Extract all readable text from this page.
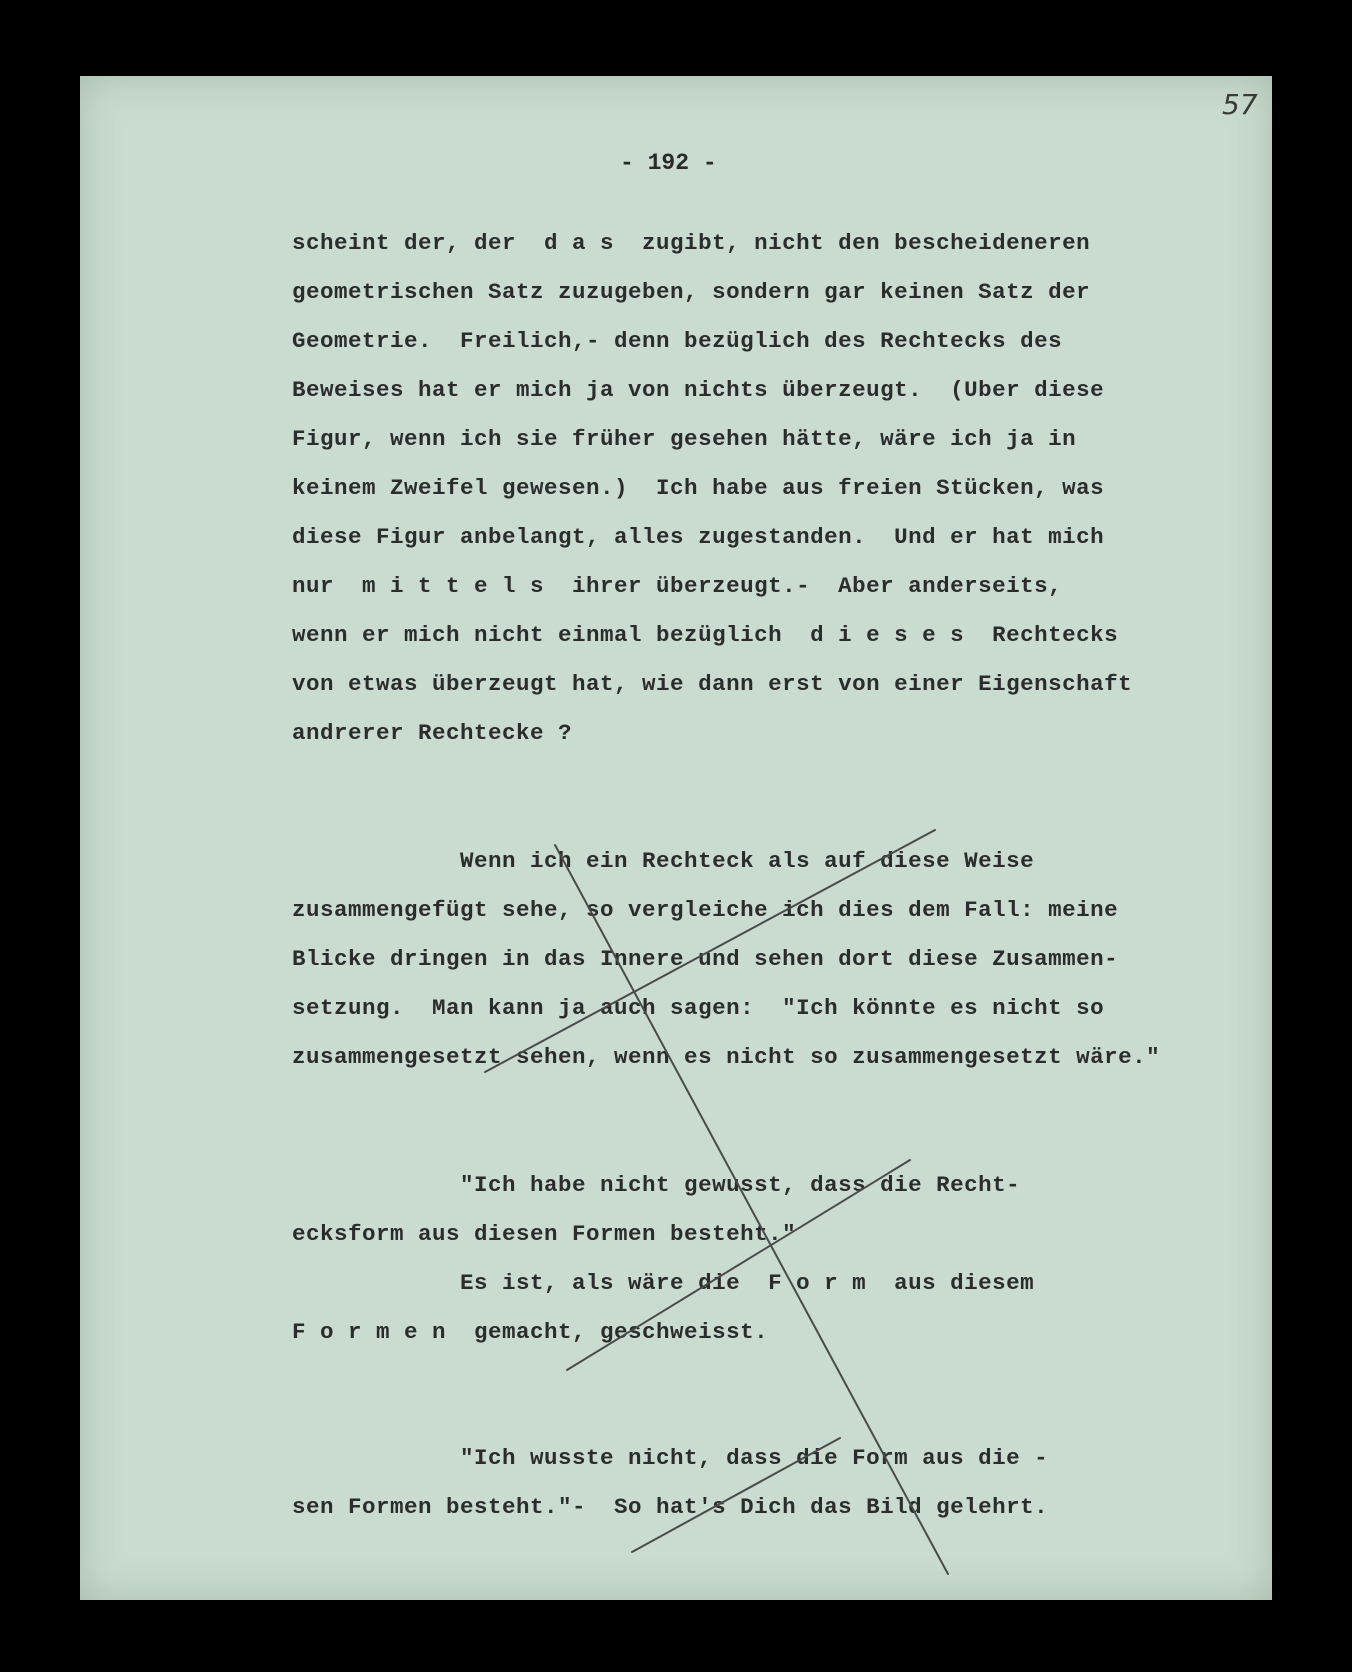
57
- 192 -
scheint der, der  d a s  zugibt, nicht den bescheideneren
geometrischen Satz zuzugeben, sondern gar keinen Satz der
Geometrie.  Freilich,- denn bezüglich des Rechtecks des
Beweises hat er mich ja von nichts überzeugt.  (Uber diese
Figur, wenn ich sie früher gesehen hätte, wäre ich ja in
keinem Zweifel gewesen.)  Ich habe aus freien Stücken, was
diese Figur anbelangt, alles zugestanden.  Und er hat mich
nur  m i t t e l s  ihrer überzeugt.-  Aber anderseits,
wenn er mich nicht einmal bezüglich  d i e s e s  Rechtecks
von etwas überzeugt hat, wie dann erst von einer Eigenschaft
andrerer Rechtecke ?
Wenn ich ein Rechteck als auf diese Weise
zusammengefügt sehe, so vergleiche ich dies dem Fall: meine
Blicke dringen in das Innere und sehen dort diese Zusammen-
setzung.  Man kann ja auch sagen:  "Ich könnte es nicht so
zusammengesetzt sehen, wenn es nicht so zusammengesetzt wäre."
"Ich habe nicht gewusst, dass die Recht-
ecksform aus diesen Formen besteht."
Es ist, als wäre die  F o r m  aus diesem
F o r m e n  gemacht, geschweisst.
"Ich wusste nicht, dass die Form aus die -
sen Formen besteht."-  So hat's Dich das Bild gelehrt.
